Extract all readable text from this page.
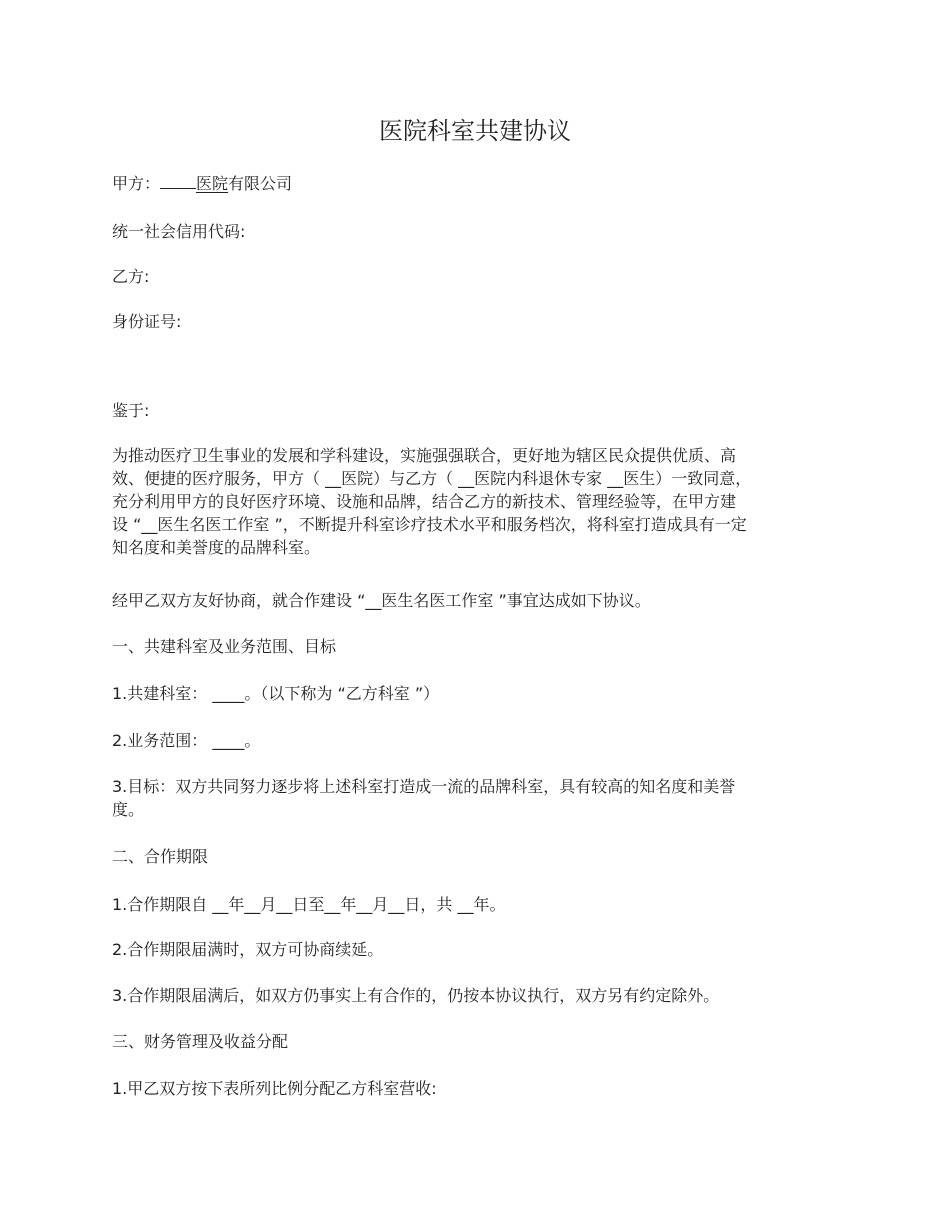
医院科室共建协议
甲方： 医院有限公司
统一社会信用代码:
乙方:
身份证号:
鉴于:
为推动医疗卫生事业的发展和学科建设，实施强强联合，更好地为辖区民众提供优质、高
效、便捷的医疗服务，甲方（ __医院）与乙方（ __医院内科退休专家 __医生）一致同意，
充分利用甲方的良好医疗环境、设施和品牌，结合乙方的新技术、管理经验等，在甲方建
设 “__医生名医工作室 ”，不断提升科室诊疗技术水平和服务档次，将科室打造成具有一定
知名度和美誉度的品牌科室。
经甲乙双方友好协商，就合作建设 “__医生名医工作室 ”事宜达成如下协议。
一、共建科室及业务范围、目标
1.共建科室： ____。（以下称为 “乙方科室 ”）
2.业务范围： ____。
3.目标：双方共同努力逐步将上述科室打造成一流的品牌科室，具有较高的知名度和美誉
度。
二、合作期限
1.合作期限自 __年__月__日至__年__月__日，共 __年。
2.合作期限届满时，双方可协商续延。
3.合作期限届满后，如双方仍事实上有合作的，仍按本协议执行，双方另有约定除外。
三、财务管理及收益分配
1.甲乙双方按下表所列比例分配乙方科室营收:
